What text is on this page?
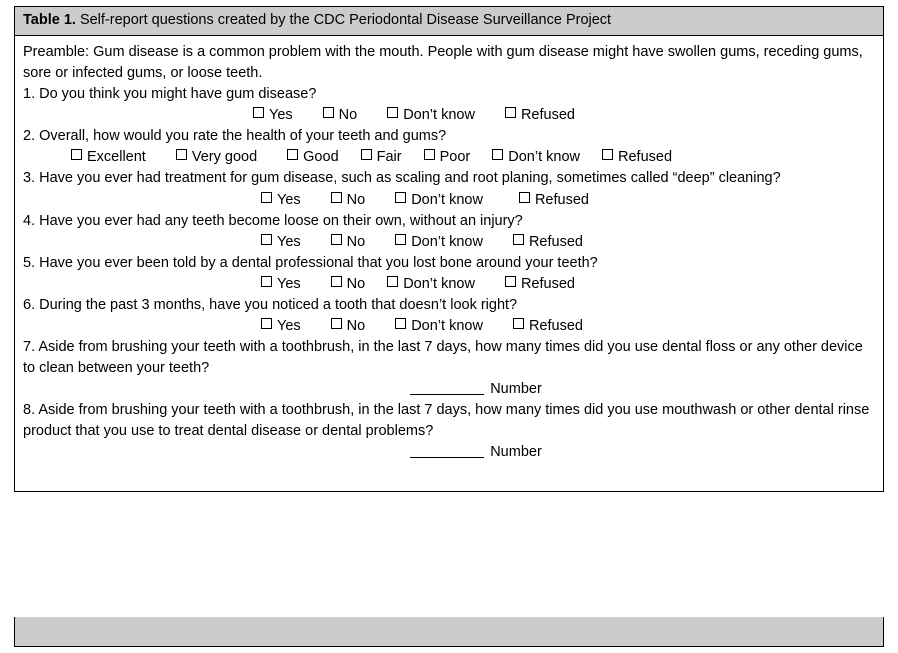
Table 1. Self-report questions created by the CDC Periodontal Disease Surveillance Project

Preamble: Gum disease is a common problem with the mouth. People with gum disease might have swollen gums, receding gums, sore or infected gums, or loose teeth.

1. Do you think you might have gum disease?

Yes	No	Don’t know	Refused

2. Overall, how would you rate the health of your teeth and gums?

Excellent	Very good	Good	Fair	Poor	Don’t know	Refused

3. Have you ever had treatment for gum disease, such as scaling and root planing, sometimes called “deep” cleaning?

Yes	No	Don’t know	Refused

4. Have you ever had any teeth become loose on their own, without an injury?

Yes	No	Don’t know	Refused

5. Have you ever been told by a dental professional that you lost bone around your teeth?

Yes	No	Don’t know	Refused

6. During the past 3 months, have you noticed a tooth that doesn’t look right?

Yes	No	Don’t know	Refused

7. Aside from brushing your teeth with a toothbrush, in the last 7 days, how many times did you use dental floss or any other device to clean between your teeth?

Number

8. Aside from brushing your teeth with a toothbrush, in the last 7 days, how many times did you use mouthwash or other dental rinse product that you use to treat dental disease or dental problems?

Number
